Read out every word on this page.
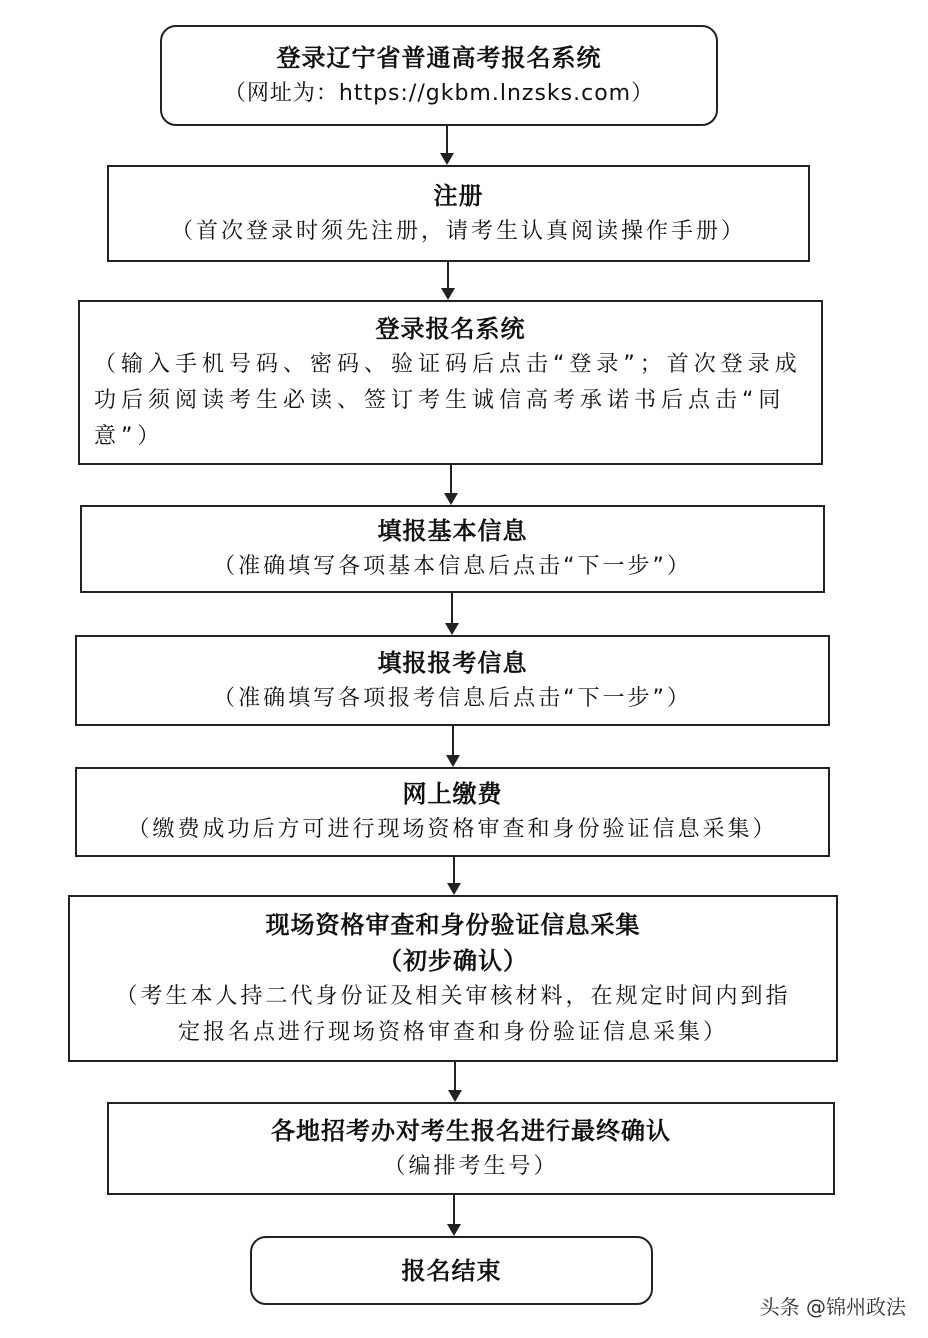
登录辽宁省普通高考报名系统
（网址为：https://gkbm.lnzsks.com）
注册
（首次登录时须先注册，请考生认真阅读操作手册）
登录报名系统
（输入手机号码、密码、验证码后点击“登录”；首次登录成功后须阅读考生必读、签订考生诚信高考承诺书后点击“同意”）
填报基本信息
（准确填写各项基本信息后点击“下一步”）
填报报考信息
（准确填写各项报考信息后点击“下一步”）
网上缴费
（缴费成功后方可进行现场资格审查和身份验证信息采集）
现场资格审查和身份验证信息采集
（初步确认）
（考生本人持二代身份证及相关审核材料，在规定时间内到指定报名点进行现场资格审查和身份验证信息采集）
各地招考办对考生报名进行最终确认
（编排考生号）
报名结束
头条 @锦州政法
